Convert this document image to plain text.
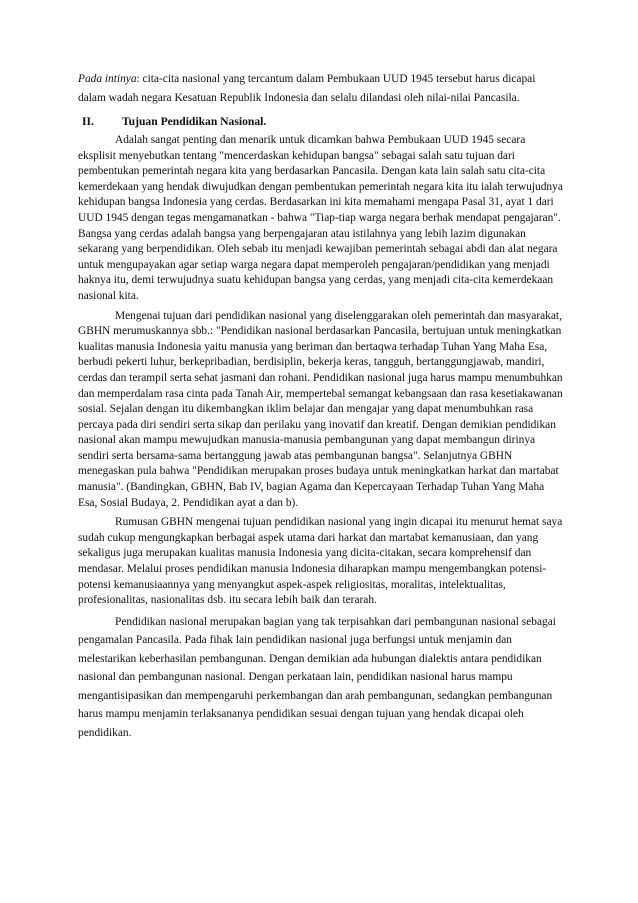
Pada intinya: cita-cita nasional yang tercantum dalam Pembukaan UUD 1945 tersebut harus dicapai dalam wadah negara Kesatuan Republik Indonesia dan selalu dilandasi oleh nilai-nilai Pancasila.

II.	Tujuan Pendidikan Nasional.

Adalah sangat penting dan menarik untuk dicamkan bahwa Pembukaan UUD 1945 secara eksplisit menyebutkan tentang "mencerdaskan kehidupan bangsa" sebagai salah satu tujuan dari pembentukan pemerintah negara kita yang berdasarkan Pancasila. Dengan kata lain salah satu cita-cita kemerdekaan yang hendak diwujudkan dengan pembentukan pemerintah negara kita itu ialah terwujudnya kehidupan bangsa Indonesia yang cerdas. Berdasarkan ini kita memahami mengapa Pasal 31, ayat 1 dari UUD 1945 dengan tegas mengamanatkan - bahwa "Tiap-tiap warga negara berhak mendapat pengajaran". Bangsa yang cerdas adalah bangsa yang berpengajaran atau istilahnya yang lebih lazim digunakan sekarang yang berpendidikan. Oleh sebab itu menjadi kewajiban pemerintah sebagai abdi dan alat negara untuk mengupayakan agar setiap warga negara dapat memperoleh pengajaran/pendidikan yang menjadi haknya itu, demi terwujudnya suatu kehidupan bangsa yang cerdas, yang menjadi cita-cita kemerdekaan nasional kita.

Mengenai tujuan dari pendidikan nasional yang diselenggarakan oleh pemerintah dan masyarakat, GBHN merumuskannya sbb.: "Pendidikan nasional berdasarkan Pancasila, bertujuan untuk meningkatkan kualitas manusia Indonesia yaitu manusia yang beriman dan bertaqwa terhadap Tuhan Yang Maha Esa, berbudi pekerti luhur, berkepribadian, berdisiplin, bekerja keras, tangguh, bertanggungjawab, mandiri, cerdas dan terampil serta sehat jasmani dan rohani. Pendidikan nasional juga harus mampu menumbuhkan dan memperdalam rasa cinta pada Tanah Air, mempertebal semangat kebangsaan dan rasa kesetiakawanan sosial. Sejalan dengan itu dikembangkan iklim belajar dan mengajar yang dapat menumbuhkan rasa percaya pada diri sendiri serta sikap dan perilaku yang inovatif dan kreatif. Dengan demikian pendidikan nasional akan mampu mewujudkan manusia-manusia pembangunan yang dapat membangun dirinya sendiri serta bersama-sama bertanggung jawab atas pembangunan bangsa". Selanjutnya GBHN menegaskan pula bahwa "Pendidikan merupakan proses budaya untuk meningkatkan harkat dan martabat manusia". (Bandingkan, GBHN, Bab IV, bagian Agama dan Kepercayaan Terhadap Tuhan Yang Maha Esa, Sosial Budaya, 2. Pendidikan ayat a dan b).

Rumusan GBHN mengenai tujuan pendidikan nasional yang ingin dicapai itu menurut hemat saya sudah cukup mengungkapkan berbagai aspek utama dari harkat dan martabat kemanusiaan, dan yang sekaligus juga merupakan kualitas manusia Indonesia yang dicita-citakan, secara komprehensif dan mendasar. Melalui proses pendidikan manusia Indonesia diharapkan mampu mengembangkan potensi-potensi kemanusiaannya yang menyangkut aspek-aspek religiositas, moralitas, intelektualitas, profesionalitas, nasionalitas dsb. itu secara lebih baik dan terarah.

Pendidikan nasional merupakan bagian yang tak terpisahkan dari pembangunan nasional sebagai pengamalan Pancasila. Pada fihak lain pendidikan nasional juga berfungsi untuk menjamin dan melestarikan keberhasilan pembangunan. Dengan demikian ada hubungan dialektis antara pendidikan nasional dan pembangunan nasional. Dengan perkataan lain, pendidikan nasional harus mampu mengantisipasikan dan mempengaruhi perkembangan dan arah pembangunan, sedangkan pembangunan harus mampu menjamin terlaksananya pendidikan sesuai dengan tujuan yang hendak dicapai oleh pendidikan.
